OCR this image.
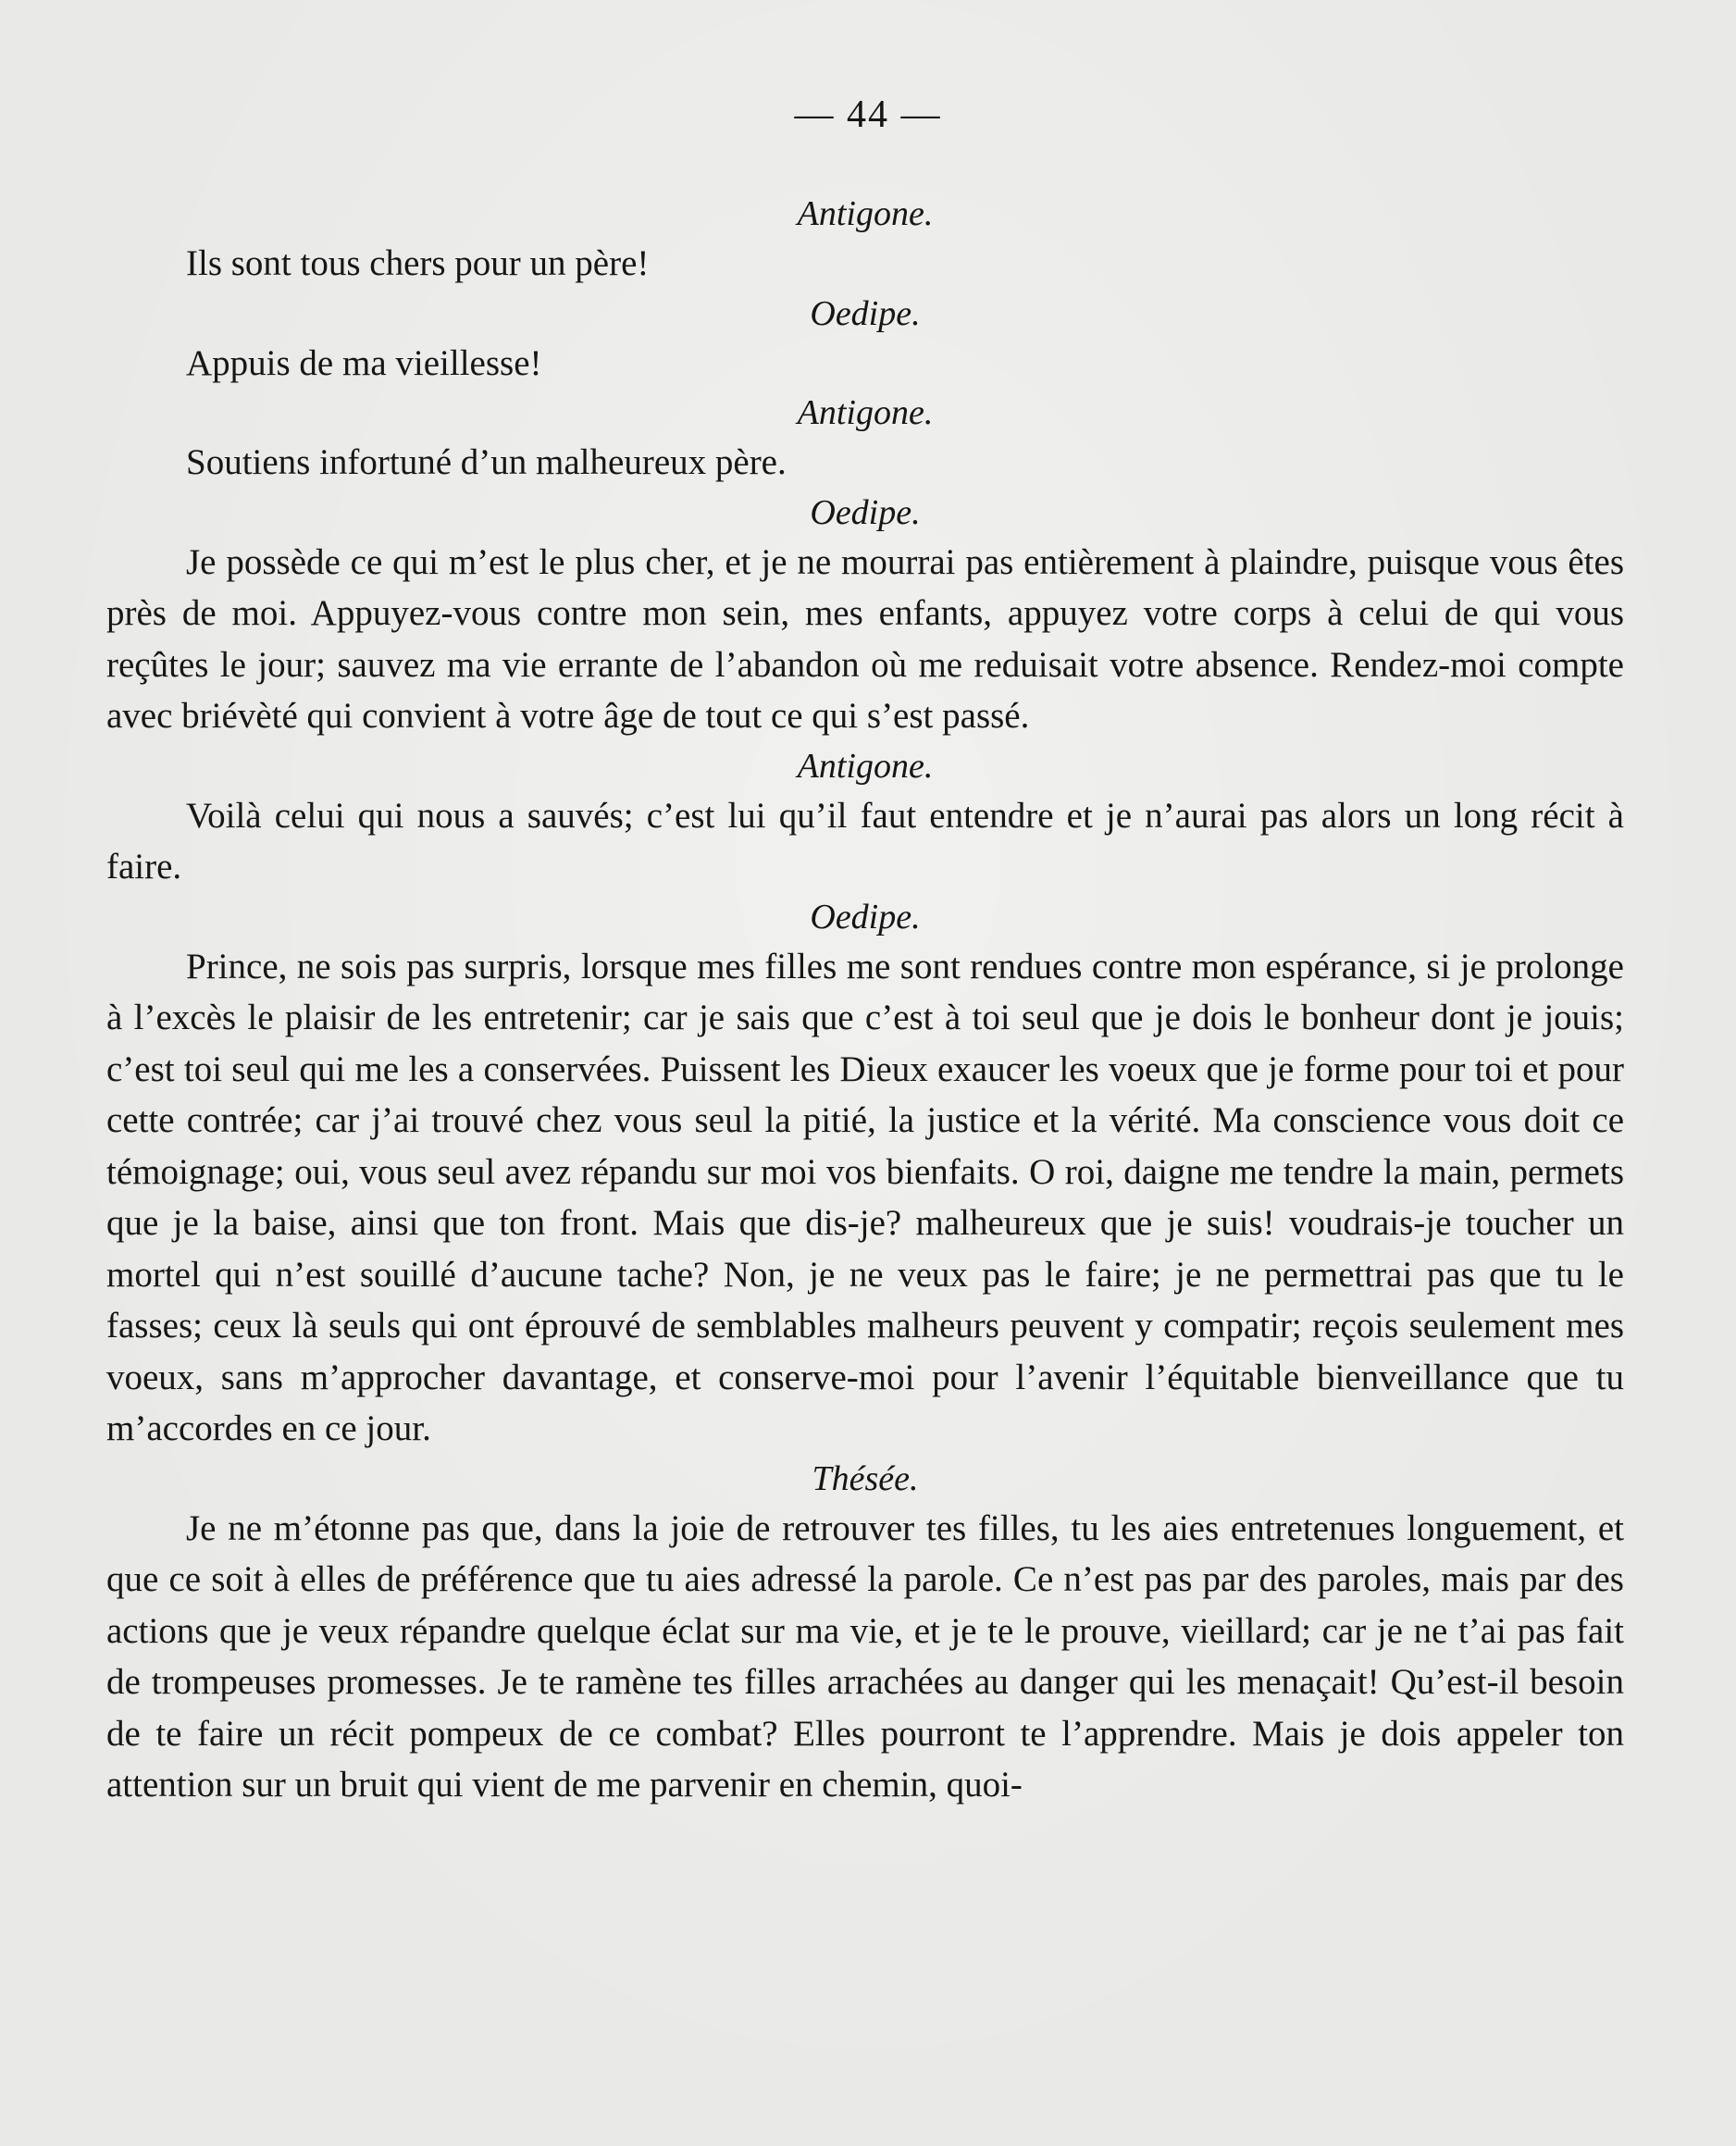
— 44 —

Antigone.

Ils sont tous chers pour un père!

Oedipe.

Appuis de ma vieillesse!

Antigone.

Soutiens infortuné d’un malheureux père.

Oedipe.

Je possède ce qui m’est le plus cher, et je ne mourrai pas entièrement à plaindre, puisque vous êtes près de moi. Appuyez-vous contre mon sein, mes enfants, appuyez votre corps à celui de qui vous reçûtes le jour; sauvez ma vie errante de l’abandon où me reduisait votre absence. Rendez-moi compte avec briévèté qui convient à votre âge de tout ce qui s’est passé.

Antigone.

Voilà celui qui nous a sauvés; c’est lui qu’il faut entendre et je n’aurai pas alors un long récit à faire.

Oedipe.

Prince, ne sois pas surpris, lorsque mes filles me sont rendues contre mon espérance, si je prolonge à l’excès le plaisir de les entretenir; car je sais que c’est à toi seul que je dois le bonheur dont je jouis; c’est toi seul qui me les a conservées. Puissent les Dieux exaucer les voeux que je forme pour toi et pour cette contrée; car j’ai trouvé chez vous seul la pitié, la justice et la vérité. Ma conscience vous doit ce témoignage; oui, vous seul avez répandu sur moi vos bienfaits. O roi, daigne me tendre la main, permets que je la baise, ainsi que ton front. Mais que dis-je? malheureux que je suis! voudrais-je toucher un mortel qui n’est souillé d’aucune tache? Non, je ne veux pas le faire; je ne permettrai pas que tu le fasses; ceux là seuls qui ont éprouvé de semblables malheurs peuvent y compatir; reçois seulement mes voeux, sans m’approcher davantage, et conserve-moi pour l’avenir l’équitable bienveillance que tu m’accordes en ce jour.

Thésée.

Je ne m’étonne pas que, dans la joie de retrouver tes filles, tu les aies entretenues longuement, et que ce soit à elles de préférence que tu aies adressé la parole. Ce n’est pas par des paroles, mais par des actions que je veux répandre quelque éclat sur ma vie, et je te le prouve, vieillard; car je ne t’ai pas fait de trompeuses promesses. Je te ramène tes filles arrachées au danger qui les menaçait! Qu’est-il besoin de te faire un récit pompeux de ce combat? Elles pourront te l’apprendre. Mais je dois appeler ton attention sur un bruit qui vient de me parvenir en chemin, quoi-
